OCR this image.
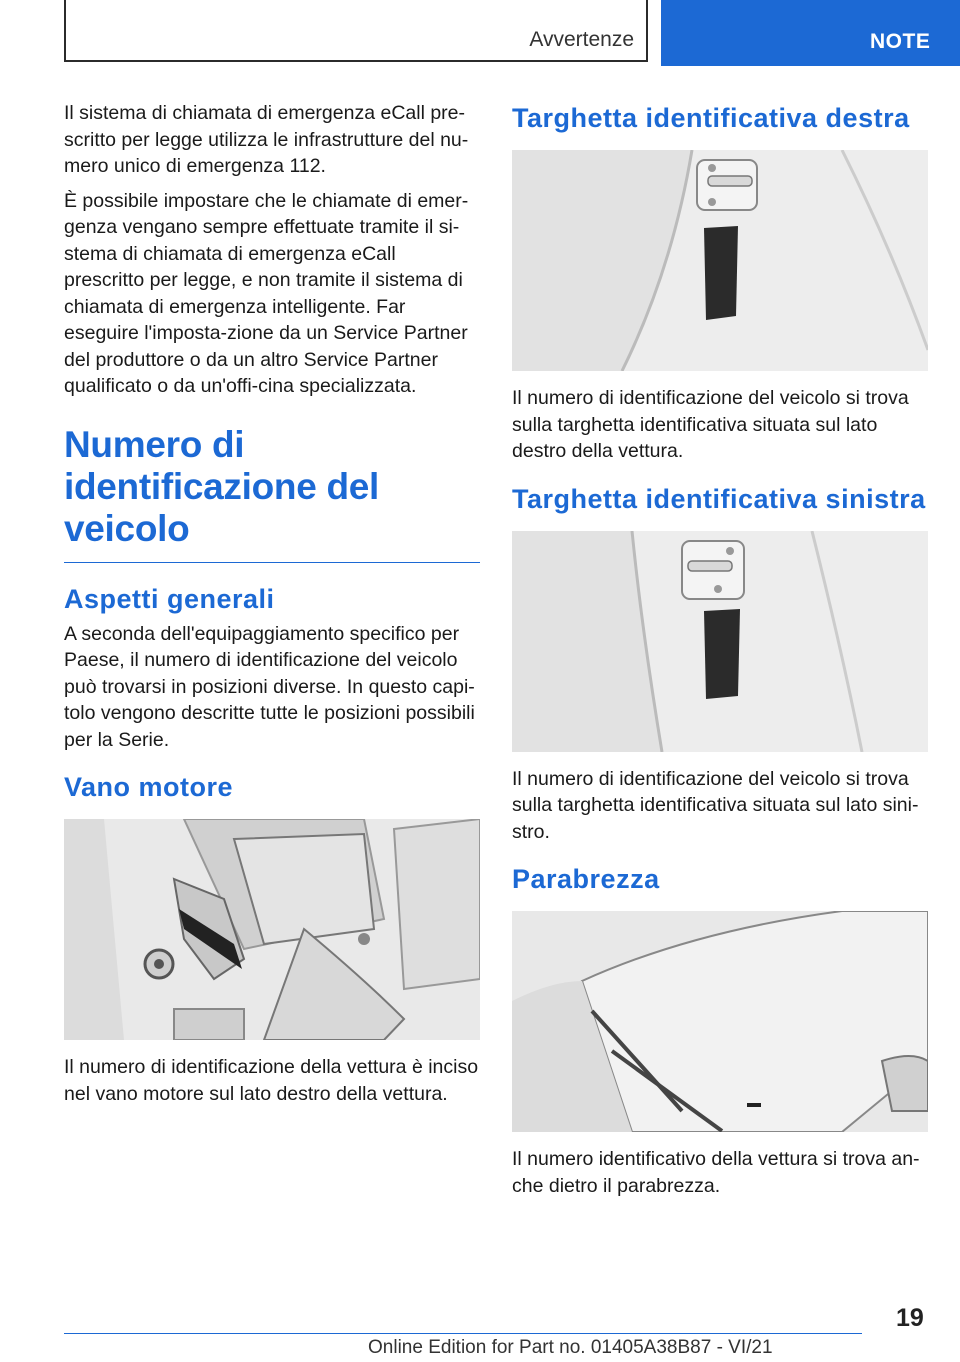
Avvertenze	NOTE

Il sistema di chiamata di emergenza eCall pre-scritto per legge utilizza le infrastrutture del nu-mero unico di emergenza 112.

È possibile impostare che le chiamate di emer-genza vengano sempre effettuate tramite il si-stema di chiamata di emergenza eCall prescritto per legge, e non tramite il sistema di chiamata di emergenza intelligente. Far eseguire l'imposta-zione da un Service Partner del produttore o da un altro Service Partner qualificato o da un'offi-cina specializzata.

Numero di identificazione del veicolo
Aspetti generali

A seconda dell'equipaggiamento specifico per Paese, il numero di identificazione del veicolo può trovarsi in posizioni diverse. In questo capi-tolo vengono descritte tutte le posizioni possibili per la Serie.

Vano motore

Il numero di identificazione della vettura è inciso nel vano motore sul lato destro della vettura.

Targhetta identificativa destra

Il numero di identificazione del veicolo si trova sulla targhetta identificativa situata sul lato destro della vettura.

Targhetta identificativa sinistra

Il numero di identificazione del veicolo si trova sulla targhetta identificativa situata sul lato sini-stro.

Parabrezza

Il numero identificativo della vettura si trova an-che dietro il parabrezza.

19
Online Edition for Part no. 01405A38B87 - VI/21
